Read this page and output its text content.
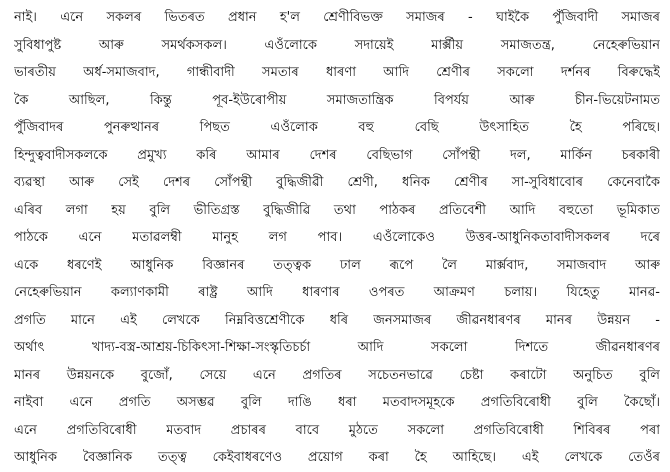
নাই। এনে সকলৰ ভিতৰত প্ৰধান হ'ল শ্ৰেণীবিভক্ত সমাজৰ - ঘাইকৈ পুঁজিবাদী সমাজৰ
সুবিধাপুষ্ট আৰু সমৰ্থকসকল। এওঁলোকে সদায়েই মাৰ্ক্সীয় সমাজতন্ত্ৰ, নেহেৰুভিয়ান
ভাৰতীয় অৰ্ধ-সমাজবাদ, গান্ধীবাদী সমতাৰ ধাৰণা আদি শ্ৰেণীৰ সকলো দৰ্শনৰ বিৰুদ্ধেই
কৈ আছিল, কিন্তু পূব-ইউৰোপীয় সমাজতান্ত্ৰিক বিপৰ্যয় আৰু চীন-ভিয়েটনামত
পুঁজিবাদৰ পুনৰুত্থানৰ পিছত এওঁলোক বহু বেছি উৎসাহিত হৈ পৰিছে।
হিন্দুত্ববাদীসকলকে প্ৰমুখ্য কৰি আমাৰ দেশৰ বেছিভাগ সোঁপন্থী দল, মাৰ্কিন চৰকাৰী
ব্যৱস্থা আৰু সেই দেশৰ সোঁপন্থী বুদ্ধিজীৱী শ্ৰেণী, ধনিক শ্ৰেণীৰ সা-সুবিধাবোৰ কেনেবাকৈ
এৰিব লগা হয় বুলি ভীতিগ্ৰস্ত বুদ্ধিজীৱি তথা পাঠকৰ প্ৰতিবেশী আদি বহুতো ভূমিকাত
পাঠকে এনে মতাৱলম্বী মানুহ লগ পাব। এওঁলোকেও উত্তৰ-আধুনিকতাবাদীসকলৰ দৰে
একে ধৰণেই আধুনিক বিজ্ঞানৰ তত্ত্বক ঢাল ৰূপে লৈ মাৰ্ক্সবাদ, সমাজবাদ আৰু
নেহেৰুভিয়ান কল্যাণকামী ৰাষ্ট্ৰ আদি ধাৰণাৰ ওপৰত আক্ৰমণ চলায়। যিহেতু মানৱ-
প্ৰগতি মানে এই লেখকে নিম্নবিত্তশ্ৰেণীকে ধৰি জনসমাজৰ জীৱনধাৰণৰ মানৰ উন্নয়ন -
অৰ্থাৎ খাদ্য-বস্ত্ৰ-আশ্ৰয়-চিকিৎসা-শিক্ষা-সংস্কৃতিচৰ্চা আদি সকলো দিশতে জীৱনধাৰণৰ
মানৰ উন্নয়নকে বুজোঁ, সেয়ে এনে প্ৰগতিৰ সচেতনভাৱে চেষ্টা কৰাটো অনুচিত বুলি
নাইবা এনে প্ৰগতি অসম্ভৱ বুলি দাঙি ধৰা মতবাদসমূহকে প্ৰগতিবিৰোধী বুলি কৈছোঁ।
এনে প্ৰগতিবিৰোধী মতবাদ প্ৰচাৰৰ বাবে মুঠতে সকলো প্ৰগতিবিৰোধী শিবিৰৰ পৰা
আধুনিক বৈজ্ঞানিক তত্ত্ব কেইবাধৰণেও প্ৰয়োগ কৰা হৈ আহিছে। এই লেখকে তেওঁৰ
